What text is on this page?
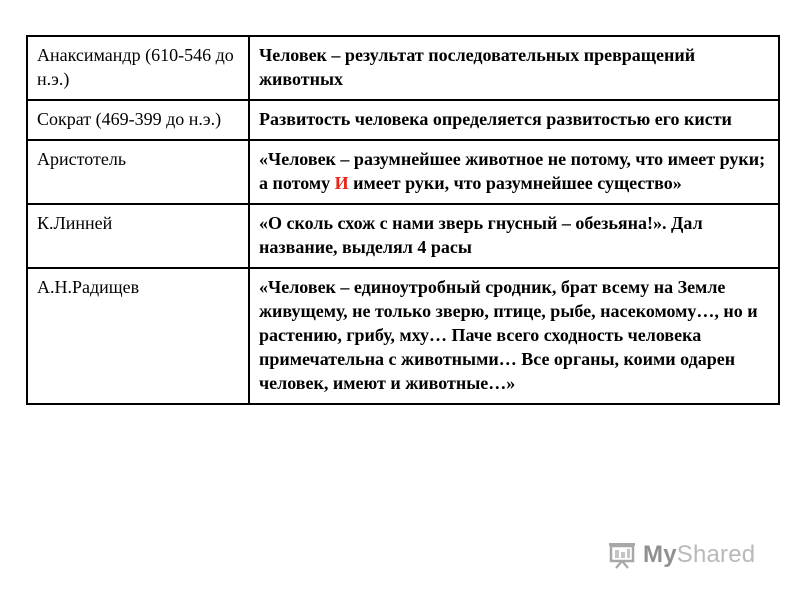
Анаксимандр (610-546 до н.э.)	Человек – результат последовательных превращений животных
Сократ (469-399 до н.э.)	Развитость человека определяется развитостью его кисти
Аристотель	«Человек – разумнейшее животное не потому, что имеет руки; а потому И имеет руки, что разумнейшее существо»
К.Линней	«О сколь схож с нами зверь гнусный – обезьяна!». Дал название, выделял 4 расы
А.Н.Радищев	«Человек – единоутробный сродник, брат всему на Земле живущему, не только зверю, птице, рыбе, насекомому…, но и растению, грибу, мху… Паче всего сходность человека примечательна с животными… Все органы, коими одарен человек, имеют и животные…»
MyShared
